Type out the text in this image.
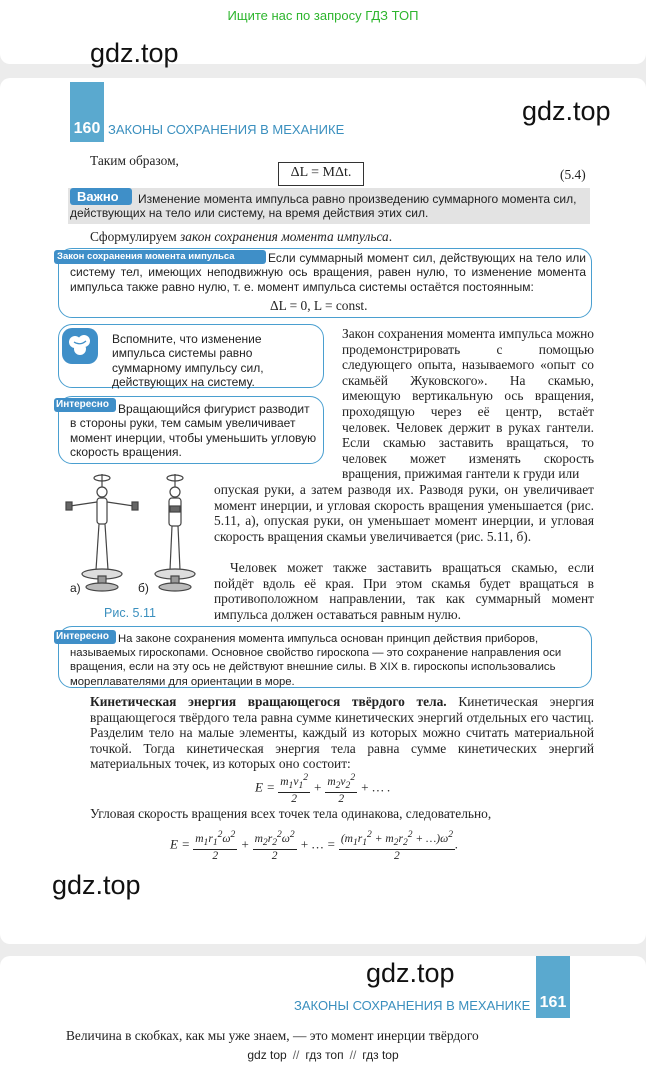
Ищите нас по запросу ГДЗ ТОП
gdz.top
160 ЗАКОНЫ СОХРАНЕНИЯ В МЕХАНИКЕ
gdz.top
Таким образом,
ΔL = MΔt.	(5.4)
Важно	Изменение момента импульса равно произведению суммарного момента сил, действующих на тело или систему, на время действия этих сил.
Сформулируем закон сохранения момента импульса.
Закон сохранения момента импульса	Если суммарный момент сил, действующих на тело или систему тел, имеющих неподвижную ось вращения, равен нулю, то изменение момента импульса также равно нулю, т. е. момент импульса системы остаётся постоянным:
ΔL = 0, L = const.
Вспомните, что изменение импульса системы равно суммарному импульсу сил, действующих на систему.
Интересно Вращающийся фигурист разводит в стороны руки, тем самым увеличивает момент инерции, чтобы уменьшить угловую скорость вращения.
Закон сохранения момента импульса можно продемонстрировать с помощью следующего опыта, называемого «опыт со скамьёй Жуковского». На скамью, имеющую вертикальную ось вращения, проходящую через её центр, встаёт человек. Человек держит в руках гантели. Если скамью заставить вращаться, то человек может изменять скорость вращения, прижимая гантели к груди или
а)	б)
Рис. 5.11
опуская руки, а затем разводя их. Разводя руки, он увеличивает момент инерции, и угловая скорость вращения уменьшается (рис. 5.11, а), опуская руки, он уменьшает момент инерции, и угловая скорость вращения скамьи увеличивается (рис. 5.11, б).
Человек может также заставить вращаться скамью, если пойдёт вдоль её края. При этом скамья будет вращаться в противоположном направлении, так как суммарный момент импульса должен оставаться равным нулю.
Интересно На законе сохранения момента импульса основан принцип действия приборов, называемых гироскопами. Основное свойство гироскопа — это сохранение направления оси вращения, если на эту ось не действуют внешние силы. В XIX в. гироскопы использовались мореплавателями для ориентации в море.
Кинетическая энергия вращающегося твёрдого тела. Кинетическая энергия вращающегося твёрдого тела равна сумме кинетических энергий отдельных его частиц. Разделим тело на малые элементы, каждый из которых можно считать материальной точкой. Тогда кинетическая энергия тела равна сумме кинетических энергий материальных точек, из которых оно состоит:
$E = \frac{m_1v_1^2}{2} + \frac{m_2v_2^2}{2}$ + … .
Угловая скорость вращения всех точек тела одинакова, следовательно,
$E = \frac{m_1r_1^2\omega^2}{2} + \frac{m_2r_2^2\omega^2}{2}$ + … = $\frac{(m_1r_1^2 + m_2r_2^2 + \dots)\omega^2}{2}$ .
gdz.top
gdz.top
ЗАКОНЫ СОХРАНЕНИЯ В МЕХАНИКЕ 161
Величина в скобках, как мы уже знаем, — это момент инерции твёрдого
gdz top // гдз топ // гдз top
